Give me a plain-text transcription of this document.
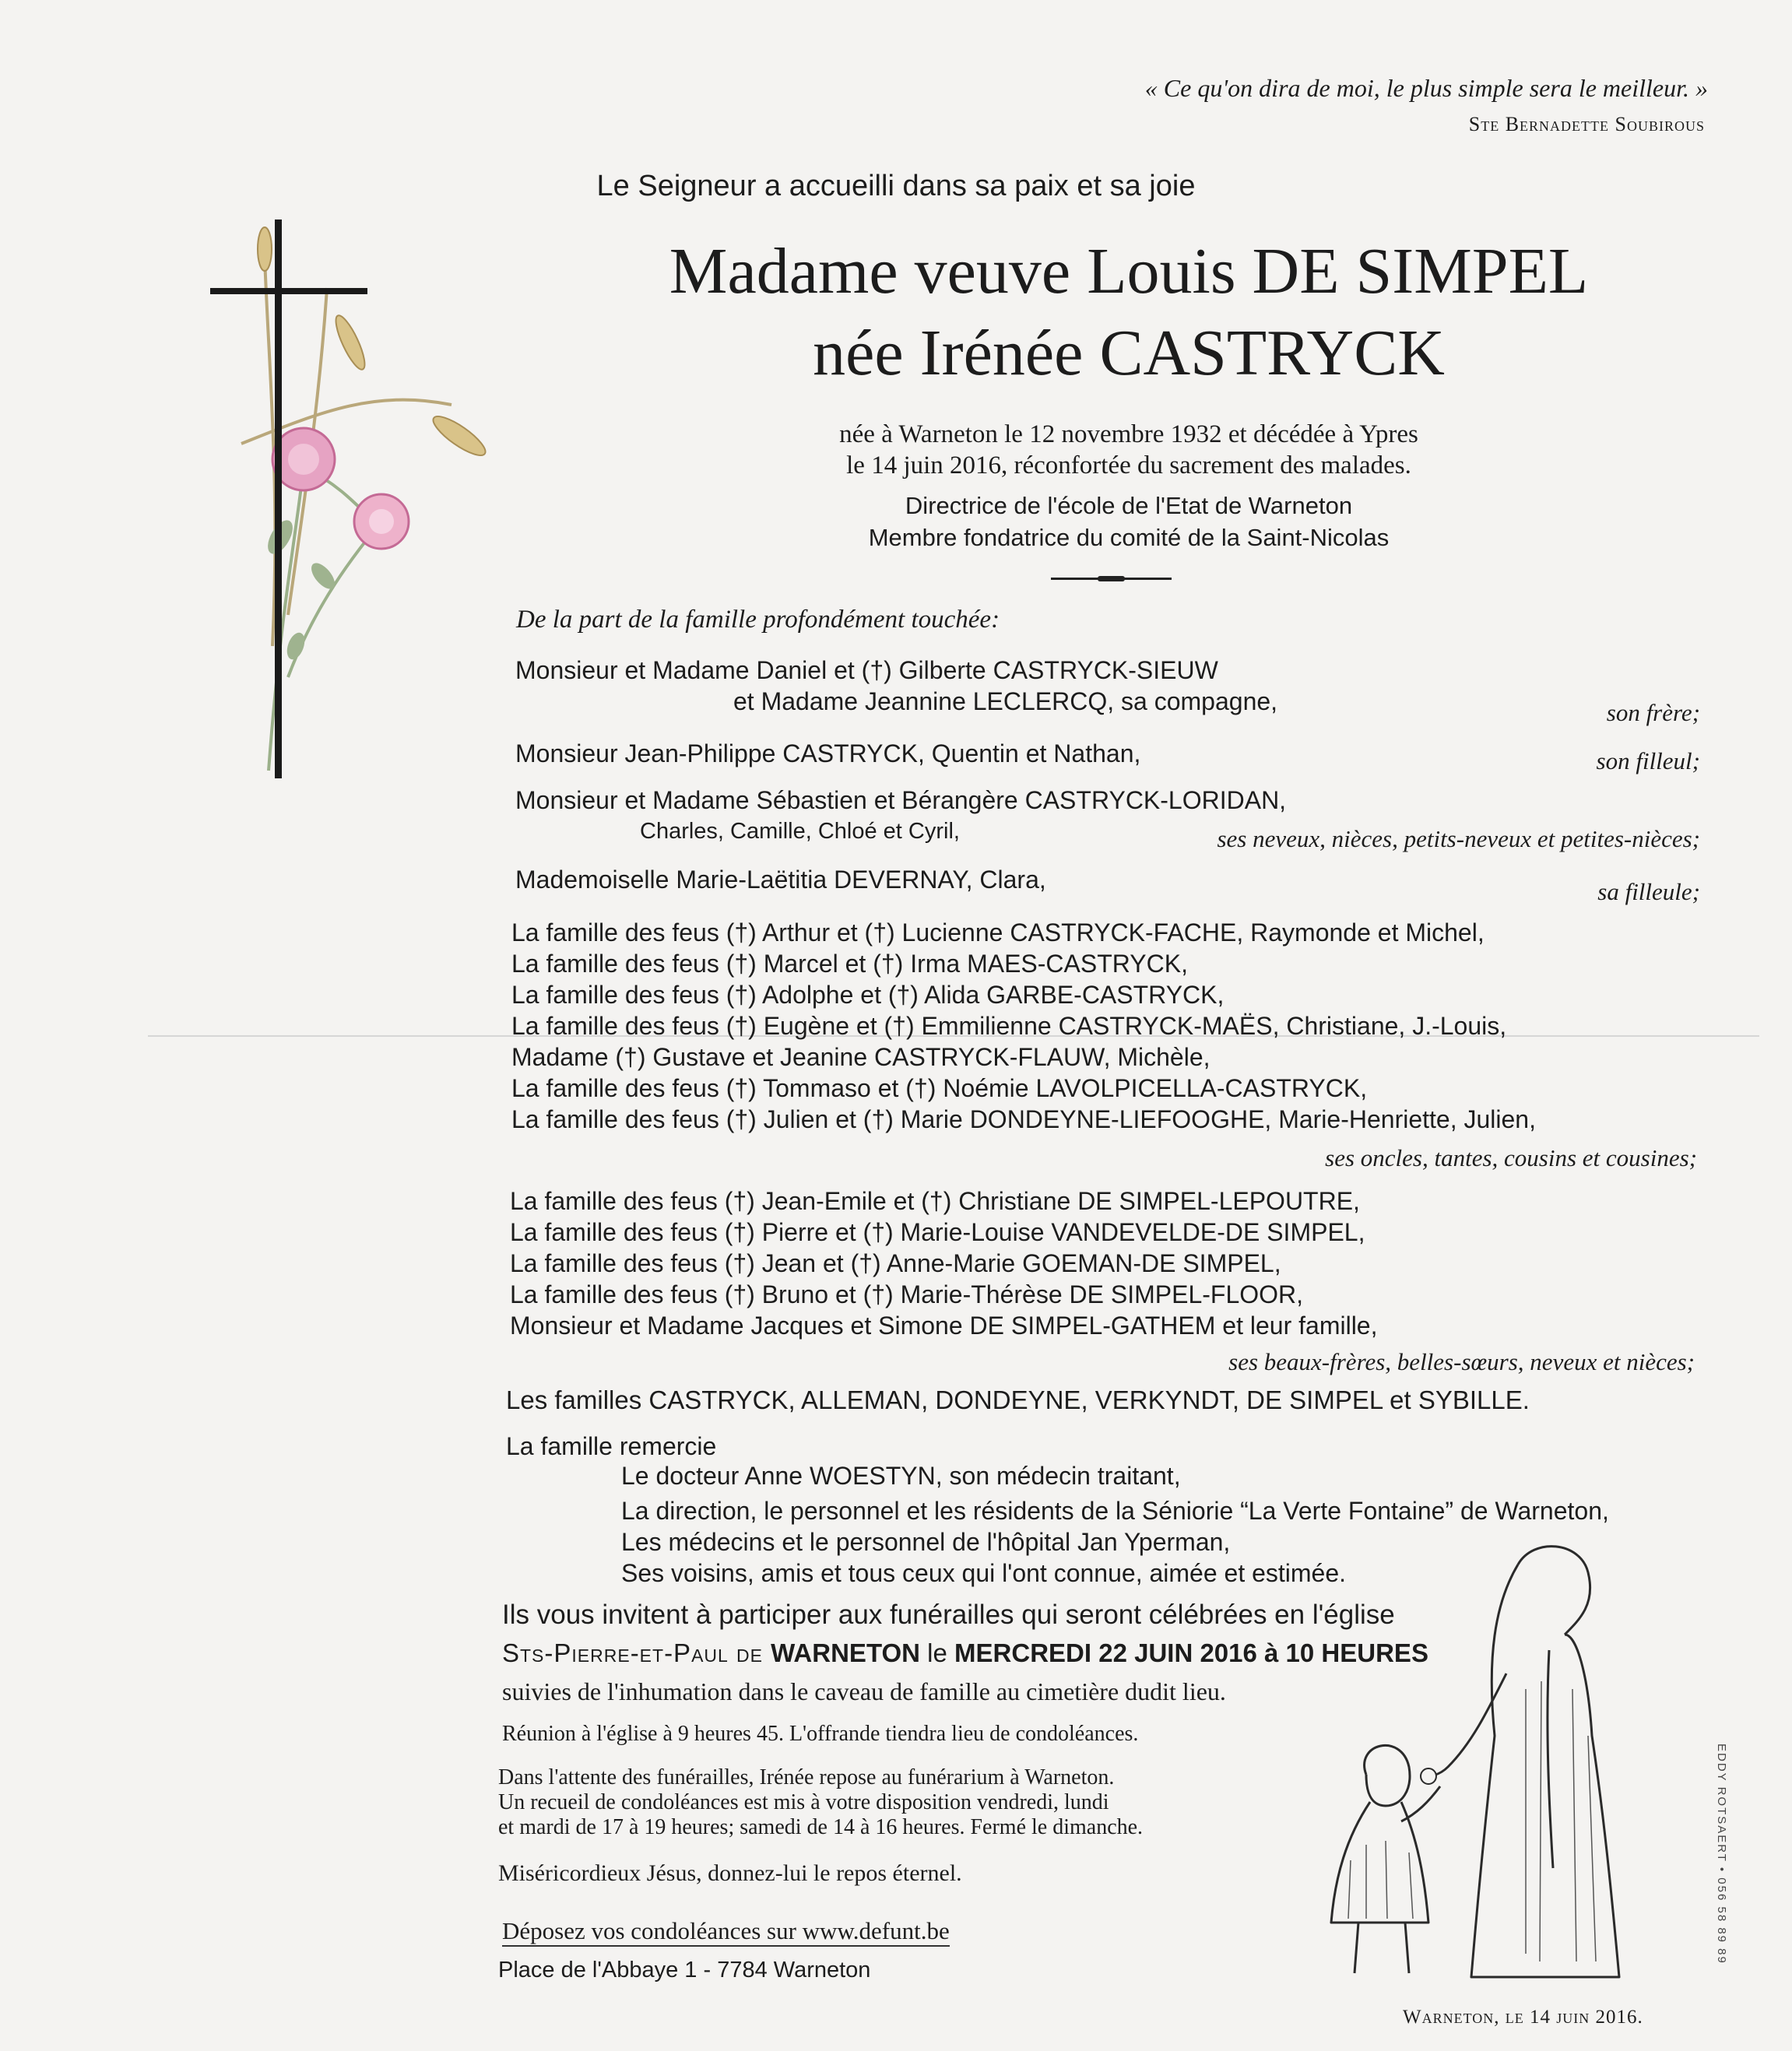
« Ce qu'on dira de moi, le plus simple sera le meilleur. »
Ste Bernadette Soubirous
Le Seigneur a accueilli dans sa paix et sa joie
Madame veuve Louis DE SIMPEL
née Irénée CASTRYCK
née à Warneton le 12 novembre 1932 et décédée à Ypres
le 14 juin 2016, réconfortée du sacrement des malades.
Directrice de l'école de l'Etat de Warneton
Membre fondatrice du comité de la Saint-Nicolas
De la part de la famille profondément touchée:
Monsieur et Madame Daniel et (†) Gilberte CASTRYCK-SIEUW
et Madame Jeannine LECLERCQ, sa compagne,	son frère;
Monsieur Jean-Philippe CASTRYCK, Quentin et Nathan,	son filleul;
Monsieur et Madame Sébastien et Bérangère CASTRYCK-LORIDAN,
Charles, Camille, Chloé et Cyril,	ses neveux, nièces, petits-neveux et petites-nièces;
Mademoiselle Marie-Laëtitia DEVERNAY, Clara,	sa filleule;
La famille des feus (†) Arthur et (†) Lucienne CASTRYCK-FACHE, Raymonde et Michel,
La famille des feus (†) Marcel et (†) Irma MAES-CASTRYCK,
La famille des feus (†) Adolphe et (†) Alida GARBE-CASTRYCK,
La famille des feus (†) Eugène et (†) Emmilienne CASTRYCK-MAËS, Christiane, J.-Louis,
Madame (†) Gustave et Jeanine CASTRYCK-FLAUW, Michèle,
La famille des feus (†) Tommaso et (†) Noémie LAVOLPICELLA-CASTRYCK,
La famille des feus (†) Julien et (†) Marie DONDEYNE-LIEFOOGHE, Marie-Henriette, Julien,
ses oncles, tantes, cousins et cousines;
La famille des feus (†) Jean-Emile et (†) Christiane DE SIMPEL-LEPOUTRE,
La famille des feus (†) Pierre et (†) Marie-Louise VANDEVELDE-DE SIMPEL,
La famille des feus (†) Jean et (†) Anne-Marie GOEMAN-DE SIMPEL,
La famille des feus (†) Bruno et (†) Marie-Thérèse DE SIMPEL-FLOOR,
Monsieur et Madame Jacques et Simone DE SIMPEL-GATHEM et leur famille,
ses beaux-frères, belles-sœurs, neveux et nièces;
Les familles CASTRYCK, ALLEMAN, DONDEYNE, VERKYNDT, DE SIMPEL et SYBILLE.
La famille remercie
Le docteur Anne WOESTYN, son médecin traitant,
La direction, le personnel et les résidents de la Séniorie “La Verte Fontaine” de Warneton,
Les médecins et le personnel de l'hôpital Jan Yperman,
Ses voisins, amis et tous ceux qui l'ont connue, aimée et estimée.
Ils vous invitent à participer aux funérailles qui seront célébrées en l'église
Sts-Pierre-et-Paul de WARNETON le MERCREDI 22 JUIN 2016 à 10 HEURES
suivies de l'inhumation dans le caveau de famille au cimetière dudit lieu.
Réunion à l'église à 9 heures 45. L'offrande tiendra lieu de condoléances.
Dans l'attente des funérailles, Irénée repose au funérarium à Warneton.
Un recueil de condoléances est mis à votre disposition vendredi, lundi
et mardi de 17 à 19 heures; samedi de 14 à 16 heures. Fermé le dimanche.
Miséricordieux Jésus, donnez-lui le repos éternel.
Déposez vos condoléances sur www.defunt.be
Place de l'Abbaye 1 - 7784 Warneton
Warneton, le 14 juin 2016.
EDDY ROTSAERT • 056 58 89 89
